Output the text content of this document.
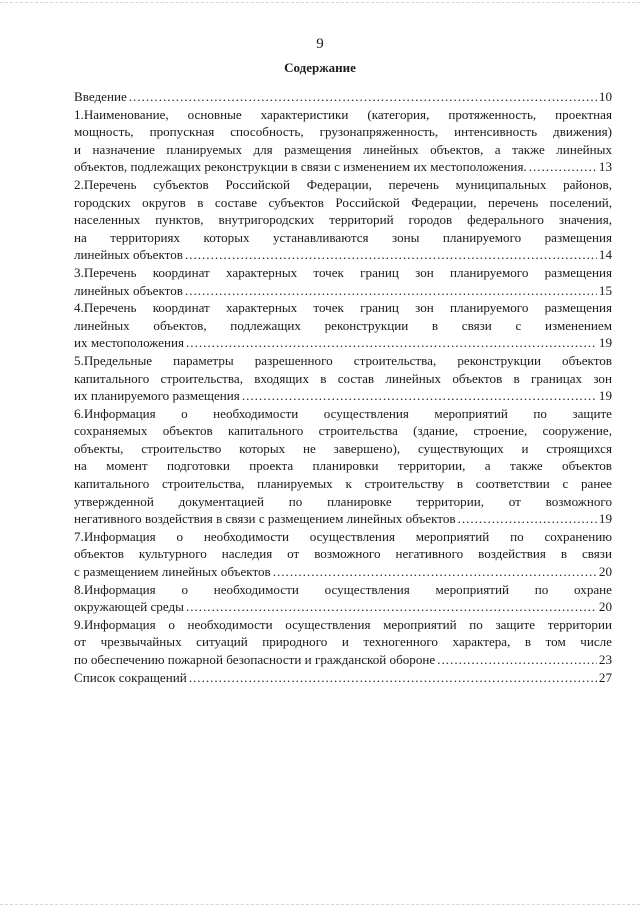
9
Содержание
Введение .....	10
1.Наименование, основные характеристики (категория, протяженность, проектная
мощность, пропускная способность, грузонапряженность, интенсивность движения)
и назначение планируемых для размещения линейных объектов, а также линейных
объектов, подлежащих реконструкции в связи с изменением их местоположения. .....	13
2.Перечень субъектов Российской Федерации, перечень муниципальных районов,
городских округов в составе субъектов Российской Федерации, перечень поселений,
населенных пунктов, внутригородских территорий городов федерального значения,
на территориях которых устанавливаются зоны планируемого размещения
линейных объектов .....	14
3.Перечень координат характерных точек границ зон планируемого размещения
линейных объектов .....	15
4.Перечень координат характерных точек границ зон планируемого размещения
линейных объектов, подлежащих реконструкции в связи с изменением
их местоположения .....	19
5.Предельные параметры разрешенного строительства, реконструкции объектов
капитального строительства, входящих в состав линейных объектов в границах зон
их планируемого размещения .....	19
6.Информация о необходимости осуществления мероприятий по защите
сохраняемых объектов капитального строительства (здание, строение, сооружение,
объекты, строительство которых не завершено), существующих и строящихся
на момент подготовки проекта планировки территории, а также объектов
капитального строительства, планируемых к строительству в соответствии с ранее
утвержденной документацией по планировке территории, от возможного
негативного воздействия в связи с размещением линейных объектов .....	19
7.Информация о необходимости осуществления мероприятий по сохранению
объектов культурного наследия от возможного негативного воздействия в связи
с размещением линейных объектов .....	20
8.Информация о необходимости осуществления мероприятий по охране
окружающей среды .....	20
9.Информация о необходимости осуществления мероприятий по защите территории
от чрезвычайных ситуаций природного и техногенного характера, в том числе
по обеспечению пожарной безопасности и гражданской обороне .....	23
Список сокращений .....	27
